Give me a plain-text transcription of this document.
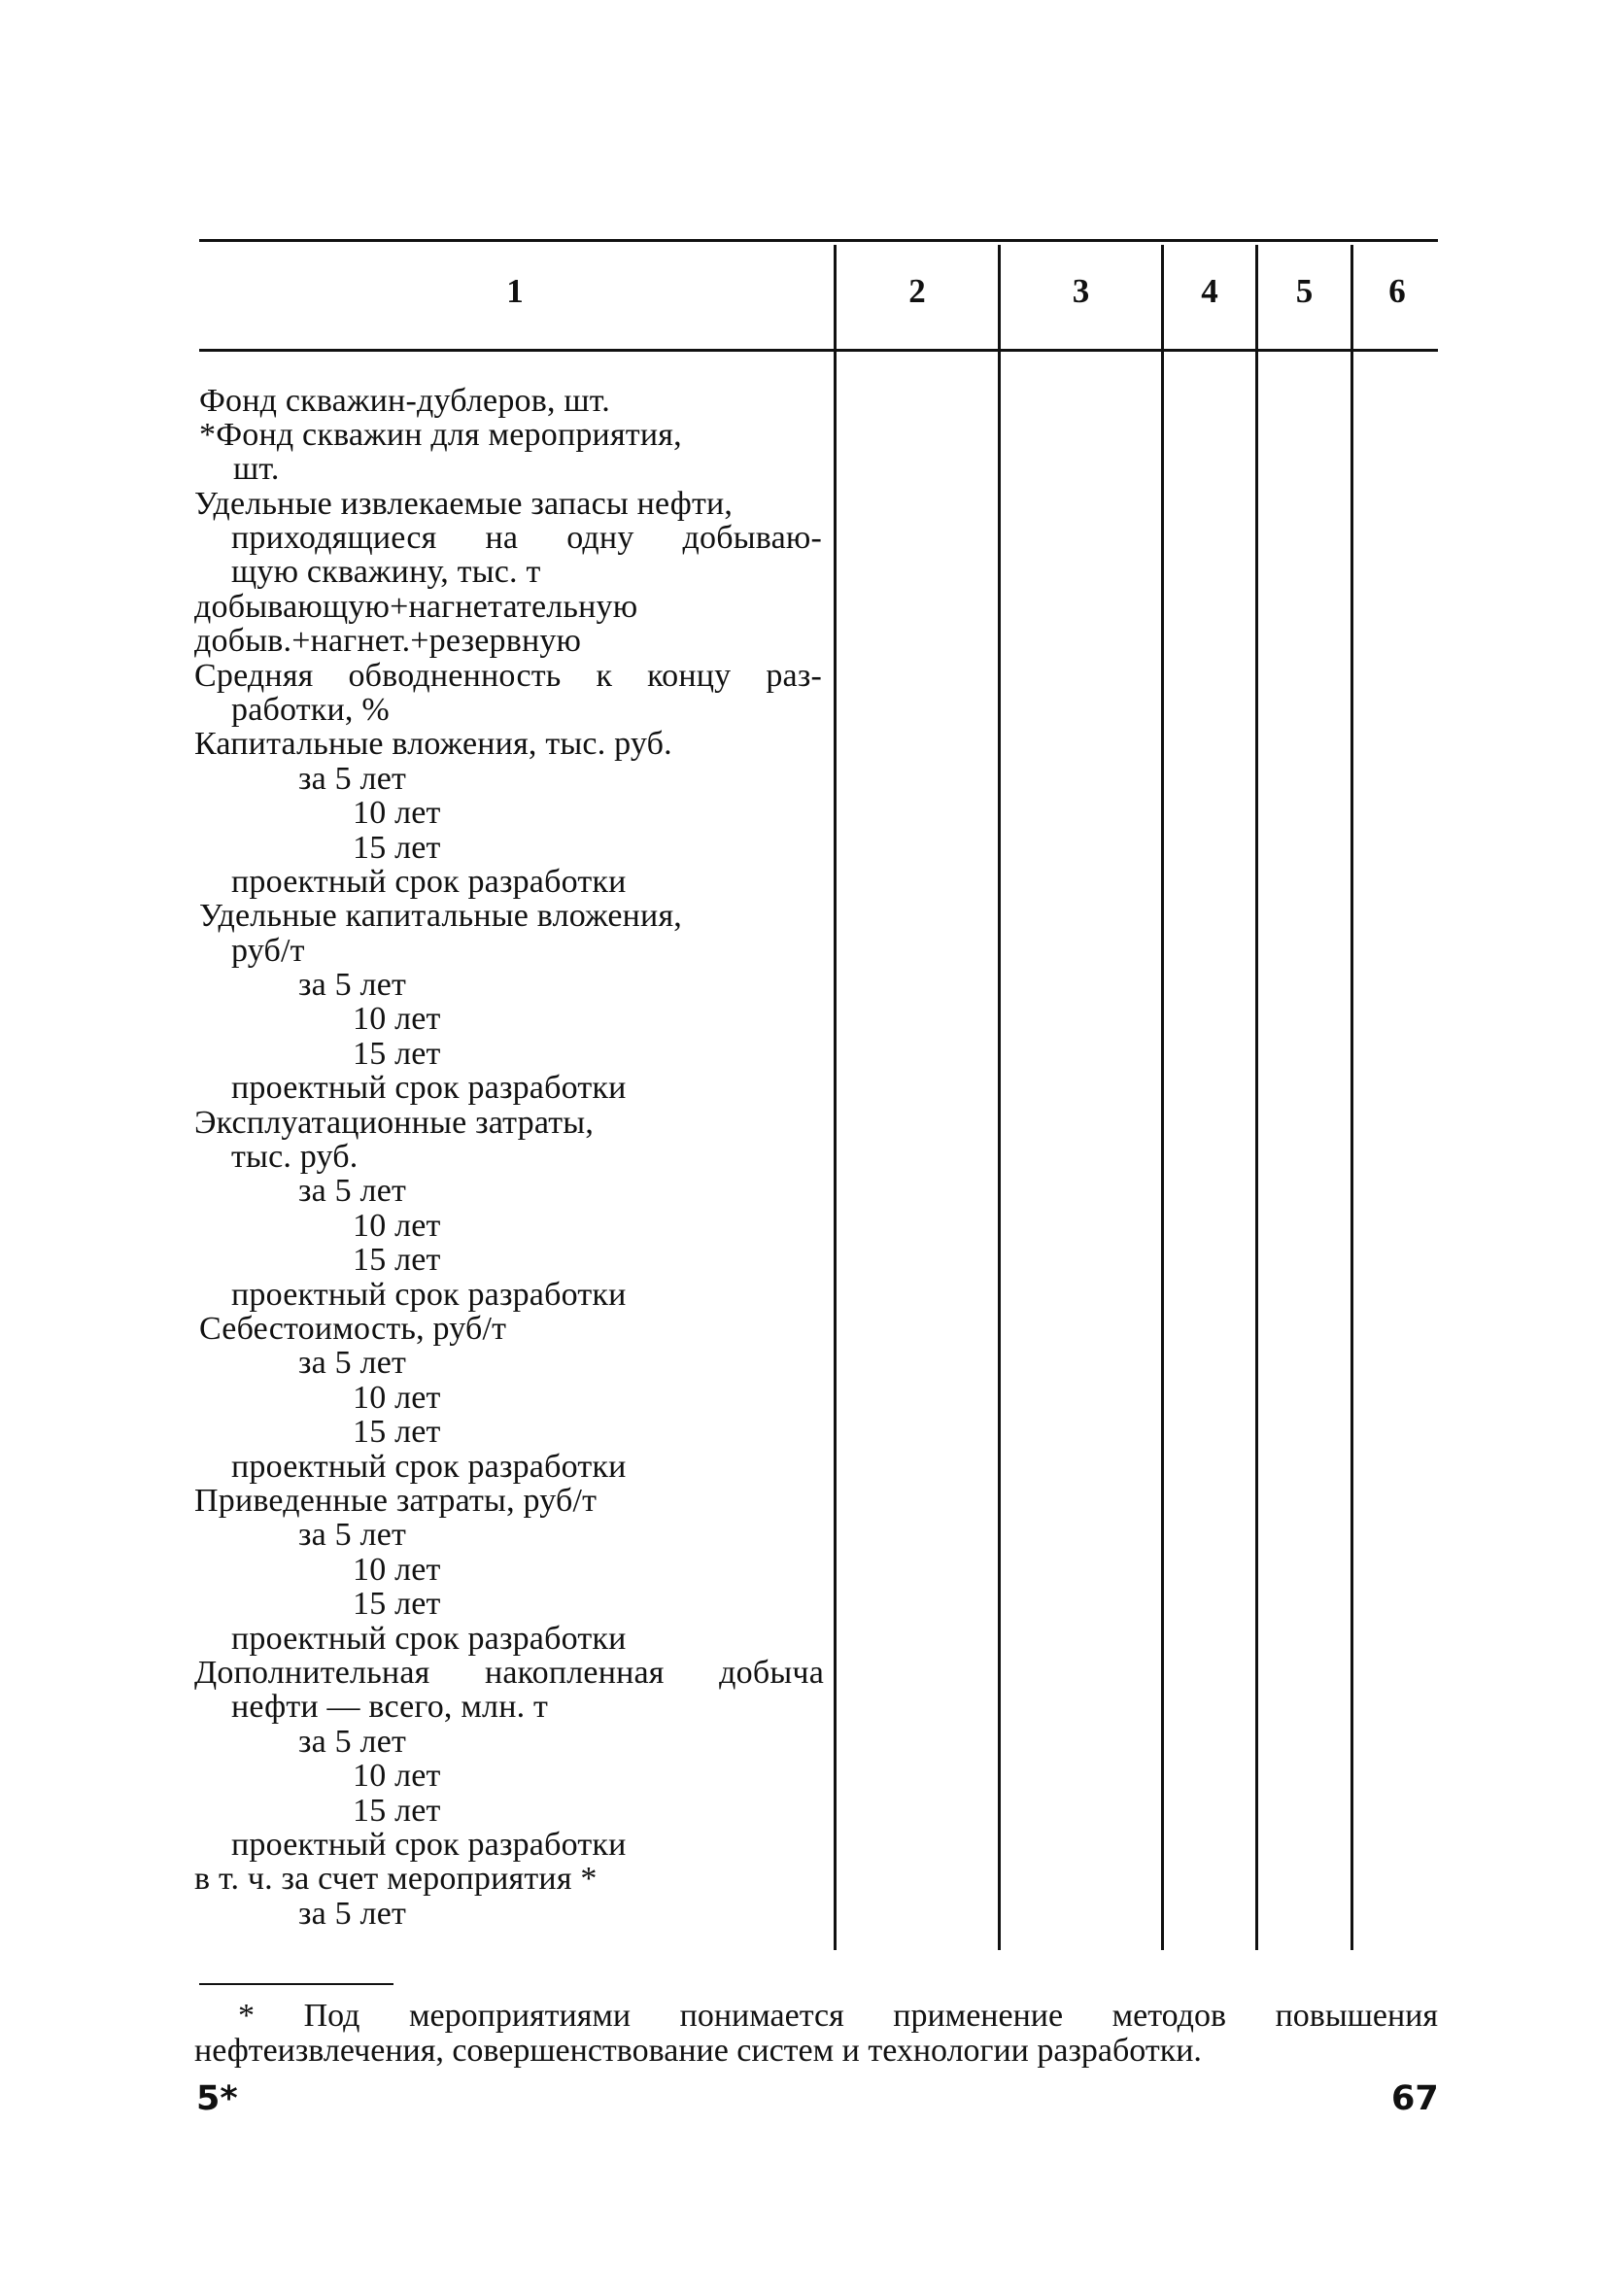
1	2	3	4	5	6
Фонд скважин-дублеров, шт.
*Фонд скважин для мероприятия,
шт.
Удельные извлекаемые запасы нефти,
приходящиеся на одну добываю-
щую скважину, тыс. т
добывающую+нагнетательную
добыв.+нагнет.+резервную
Средняя обводненность к концу раз-
работки, %
Капитальные вложения, тыс. руб.
за 5 лет
10 лет
15 лет
проектный срок разработки
Удельные капитальные вложения,
руб/т
за 5 лет
10 лет
15 лет
проектный срок разработки
Эксплуатационные затраты,
тыс. руб.
за 5 лет
10 лет
15 лет
проектный срок разработки
Себестоимость, руб/т
за 5 лет
10 лет
15 лет
проектный срок разработки
Приведенные затраты, руб/т
за 5 лет
10 лет
15 лет
проектный срок разработки
Дополнительная накопленная добыча
нефти — всего, млн. т
за 5 лет
10 лет
15 лет
проектный срок разработки
в т. ч. за счет мероприятия *
за 5 лет
* Под мероприятиями понимается применение методов повышения
нефтеизвлечения, совершенствование систем и технологии разработки.
5*	67
